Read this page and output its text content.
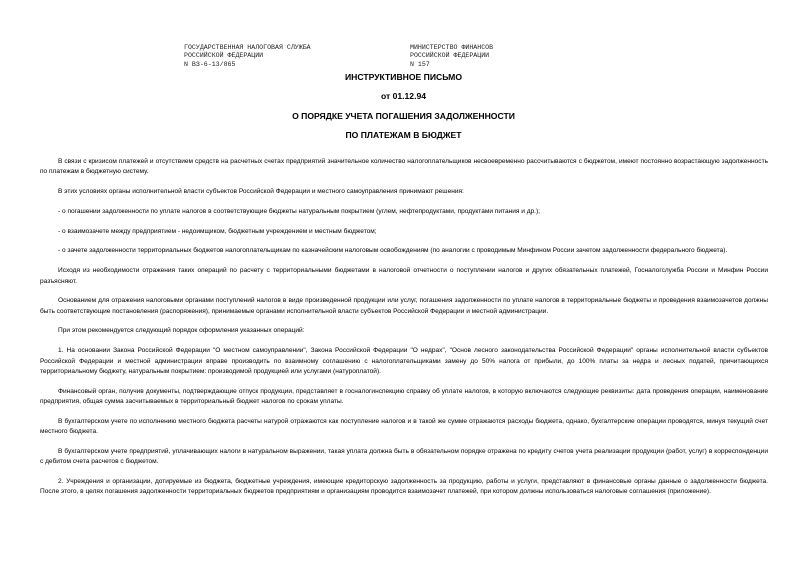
ГОСУДАРСТВЕННАЯ НАЛОГОВАЯ СЛУЖБА
РОССИЙСКОЙ ФЕДЕРАЦИИ
N ВЗ-6-13/865
МИНИСТЕРСТВО ФИНАНСОВ
РОССИЙСКОЙ ФЕДЕРАЦИИ
N 157
ИНСТРУКТИВНОЕ ПИСЬМО
от 01.12.94
О ПОРЯДКЕ УЧЕТА ПОГАШЕНИЯ ЗАДОЛЖЕННОСТИ
ПО ПЛАТЕЖАМ В БЮДЖЕТ

В связи с кризисом платежей и отсутствием средств на расчетных счетах предприятий значительное количество налогоплательщиков несвоевременно рассчитываются с бюджетом, имеют постоянно возрастающую задолженность по платежам в бюджетную систему.

В этих условиях органы исполнительной власти субъектов Российской Федерации и местного самоуправления принимают решения:

- о погашении задолженности по уплате налогов в соответствующие бюджеты натуральным покрытием (углем, нефтепродуктами, продуктами питания и др.);

- о взаимозачете между предприятием - недоимщиком, бюджетным учреждением и местным бюджетом;

- о зачете задолженности территориальных бюджетов налогоплательщикам по казначейским налоговым освобождениям (по аналогии с проводимым Минфином России зачетом задолженности федерального бюджета).

Исходя из необходимости отражения таких операций по расчету с территориальными бюджетами в налоговой отчетности о поступлении налогов и других обязательных платежей, Госналогслужба России и Минфин России разъясняют.

Основанием для отражения налоговыми органами поступлений налогов в виде произведенной продукции или услуг, погашения задолженности по уплате налогов в территориальные бюджеты и проведения взаимозачетов должны быть соответствующие постановления (распоряжения), принимаемые органами исполнительной власти субъектов Российской Федерации и местной администрации.

При этом рекомендуется следующий порядок оформления указанных операций:

1. На основании Закона Российской Федерации "О местном самоуправлении", Закона Российской Федерации "О недрах", "Основ лесного законодательства Российской Федерации" органы исполнительной власти субъектов Российской Федерации и местной администрации вправе производить по взаимному соглашению с налогоплательщиками замену до 50% налога от прибыли, до 100% платы за недра и лесных податей, причитающихся территориальному бюджету, натуральным покрытием: производимой продукцией или услугами (натуроплатой).

Финансовый орган, получив документы, подтверждающие отпуск продукции, представляет в госналогинспекцию справку об уплате налогов, в которую включаются следующие реквизиты: дата проведения операции, наименование предприятия, общая сумма засчитываемых в территориальный бюджет налогов по срокам уплаты.

В бухгалтерском учете по исполнению местного бюджета расчеты натурой отражаются как поступление налогов и в такой же сумме отражаются расходы бюджета, однако, бухгалтерские операции проводятся, минуя текущий счет местного бюджета.

В бухгалтерском учете предприятий, уплачивающих налоги в натуральном выражении, такая уплата должна быть в обязательном порядке отражена по кредиту счетов учета реализации продукции (работ, услуг) в корреспонденции с дебитом счета расчетов с бюджетом.

2. Учреждения и организации, дотируемые из бюджета, бюджетные учреждения, имеющие кредиторскую задолженность за продукцию, работы и услуги, представляют в финансовые органы данные о задолженности бюджета. После этого, в целях погашения задолженности территориальных бюджетов предприятиям и организациям проводится взаимозачет платежей, при котором должны использоваться налоговые соглашения (приложение).
